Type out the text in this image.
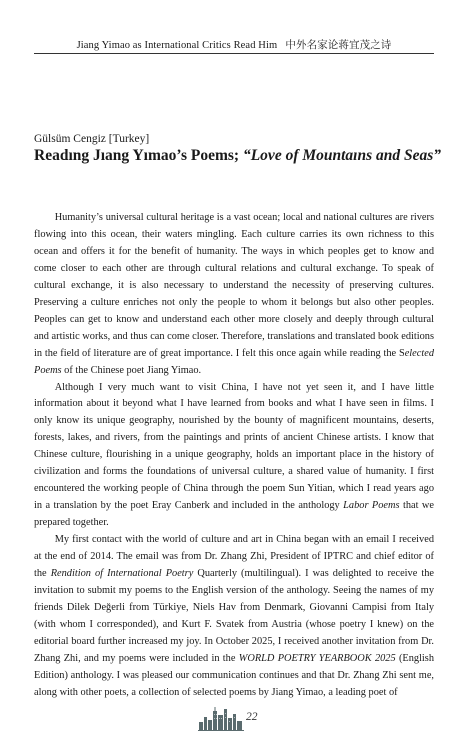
Jiang Yimao as International Critics Read Him   中外名家论蒋宜茂之诗
Gülsüm Cengiz [Turkey]
Readıng Jıang Yımao’s Poems; “Love of Mountaıns and Seas”

Humanity’s universal cultural heritage is a vast ocean; local and national cultures are rivers flowing into this ocean, their waters mingling. Each culture carries its own richness to this ocean and offers it for the benefit of humanity. The ways in which peoples get to know and come closer to each other are through cultural relations and cultural exchange. To speak of cultural exchange, it is also necessary to understand the necessity of preserving cultures. Preserving a culture enriches not only the people to whom it belongs but also other peoples. Peoples can get to know and understand each other more closely and deeply through cultural and artistic works, and thus can come closer. Therefore, translations and translated book editions in the field of literature are of great importance. I felt this once again while reading the Selected Poems of the Chinese poet Jiang Yimao.

Although I very much want to visit China, I have not yet seen it, and I have little information about it beyond what I have learned from books and what I have seen in films. I only know its unique geography, nourished by the bounty of magnificent mountains, deserts, forests, lakes, and rivers, from the paintings and prints of ancient Chinese artists. I know that Chinese culture, flourishing in a unique geography, holds an important place in the history of civilization and forms the foundations of universal culture, a shared value of humanity. I first encountered the working people of China through the poem Sun Yitian, which I read years ago in a translation by the poet Eray Canberk and included in the anthology Labor Poems that we prepared together.

My first contact with the world of culture and art in China began with an email I received at the end of 2014. The email was from Dr. Zhang Zhi, President of IPTRC and chief editor of the Rendition of International Poetry Quarterly (multilingual). I was delighted to receive the invitation to submit my poems to the English version of the anthology. Seeing the names of my friends Dilek Değerli from Türkiye, Niels Hav from Denmark, Giovanni Campisi from Italy (with whom I corresponded), and Kurt F. Svatek from Austria (whose poetry I knew) on the editorial board further increased my joy. In October 2025, I received another invitation from Dr. Zhang Zhi, and my poems were included in the WORLD POETRY YEARBOOK 2025 (English Edition) anthology. I was pleased our communication continues and that Dr. Zhang Zhi sent me, along with other poets, a collection of selected poems by Jiang Yimao, a leading poet of

22
